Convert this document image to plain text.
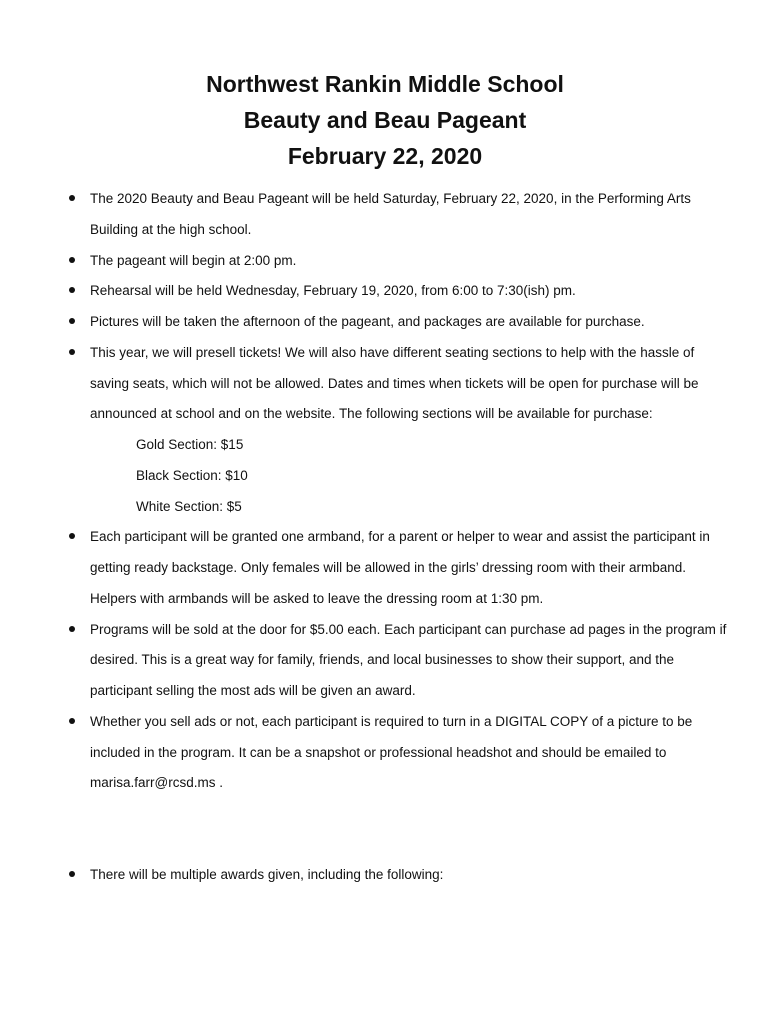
Northwest Rankin Middle School

Beauty and Beau Pageant

February 22, 2020

The 2020 Beauty and Beau Pageant will be held Saturday, February 22, 2020, in the Performing Arts Building at the high school.
The pageant will begin at 2:00 pm.
Rehearsal will be held Wednesday, February 19, 2020, from 6:00 to 7:30(ish) pm.
Pictures will be taken the afternoon of the pageant, and packages are available for purchase.
This year, we will presell tickets! We will also have different seating sections to help with the hassle of saving seats, which will not be allowed. Dates and times when tickets will be open for purchase will be announced at school and on the website. The following sections will be available for purchase:
Gold Section: $15
Black Section: $10
White Section: $5
Each participant will be granted one armband, for a parent or helper to wear and assist the participant in getting ready backstage. Only females will be allowed in the girls’ dressing room with their armband. Helpers with armbands will be asked to leave the dressing room at 1:30 pm.
Programs will be sold at the door for $5.00 each. Each participant can purchase ad pages in the program if desired. This is a great way for family, friends, and local businesses to show their support, and the participant selling the most ads will be given an award.
Whether you sell ads or not, each participant is required to turn in a DIGITAL COPY of a picture to be included in the program. It can be a snapshot or professional headshot and should be emailed to marisa.farr@rcsd.ms .
There will be multiple awards given, including the following:
